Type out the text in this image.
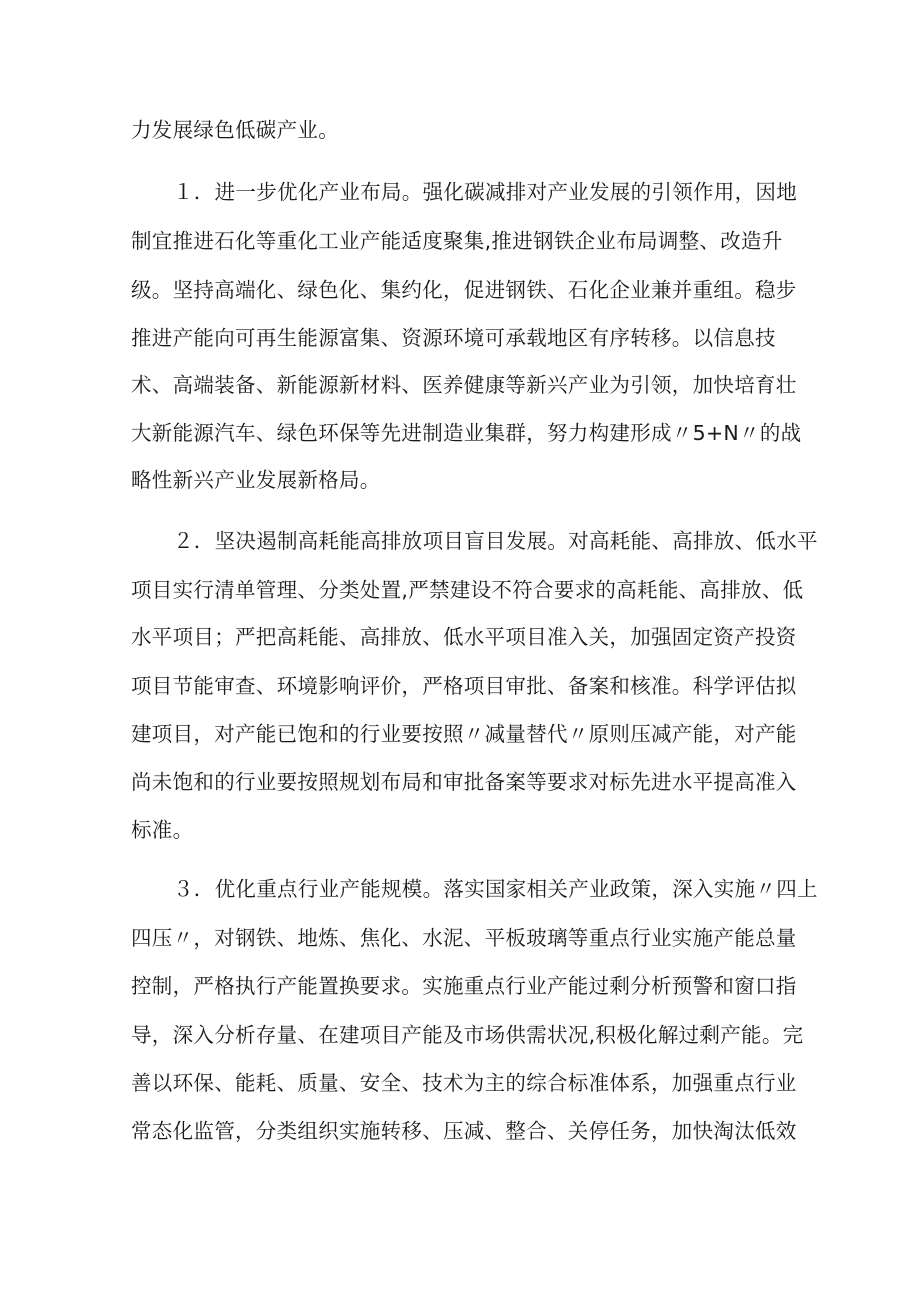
力发展绿色低碳产业。
１．进一步优化产业布局。强化碳减排对产业发展的引领作用，因地
制宜推进石化等重化工业产能适度聚集,推进钢铁企业布局调整、改造升
级。坚持高端化、绿色化、集约化，促进钢铁、石化企业兼并重组。稳步
推进产能向可再生能源富集、资源环境可承载地区有序转移。以信息技
术、高端装备、新能源新材料、医养健康等新兴产业为引领，加快培育壮
大新能源汽车、绿色环保等先进制造业集群，努力构建形成〃5+N〃的战
略性新兴产业发展新格局。
２．坚决遏制高耗能高排放项目盲目发展。对高耗能、高排放、低水平
项目实行清单管理、分类处置,严禁建设不符合要求的高耗能、高排放、低
水平项目；严把高耗能、高排放、低水平项目准入关，加强固定资产投资
项目节能审查、环境影响评价，严格项目审批、备案和核准。科学评估拟
建项目，对产能已饱和的行业要按照〃减量替代〃原则压减产能，对产能
尚未饱和的行业要按照规划布局和审批备案等要求对标先进水平提高准入
标准。
３．优化重点行业产能规模。落实国家相关产业政策，深入实施〃四上
四压〃，对钢铁、地炼、焦化、水泥、平板玻璃等重点行业实施产能总量
控制，严格执行产能置换要求。实施重点行业产能过剩分析预警和窗口指
导，深入分析存量、在建项目产能及市场供需状况,积极化解过剩产能。完
善以环保、能耗、质量、安全、技术为主的综合标准体系，加强重点行业
常态化监管，分类组织实施转移、压减、整合、关停任务，加快淘汰低效
